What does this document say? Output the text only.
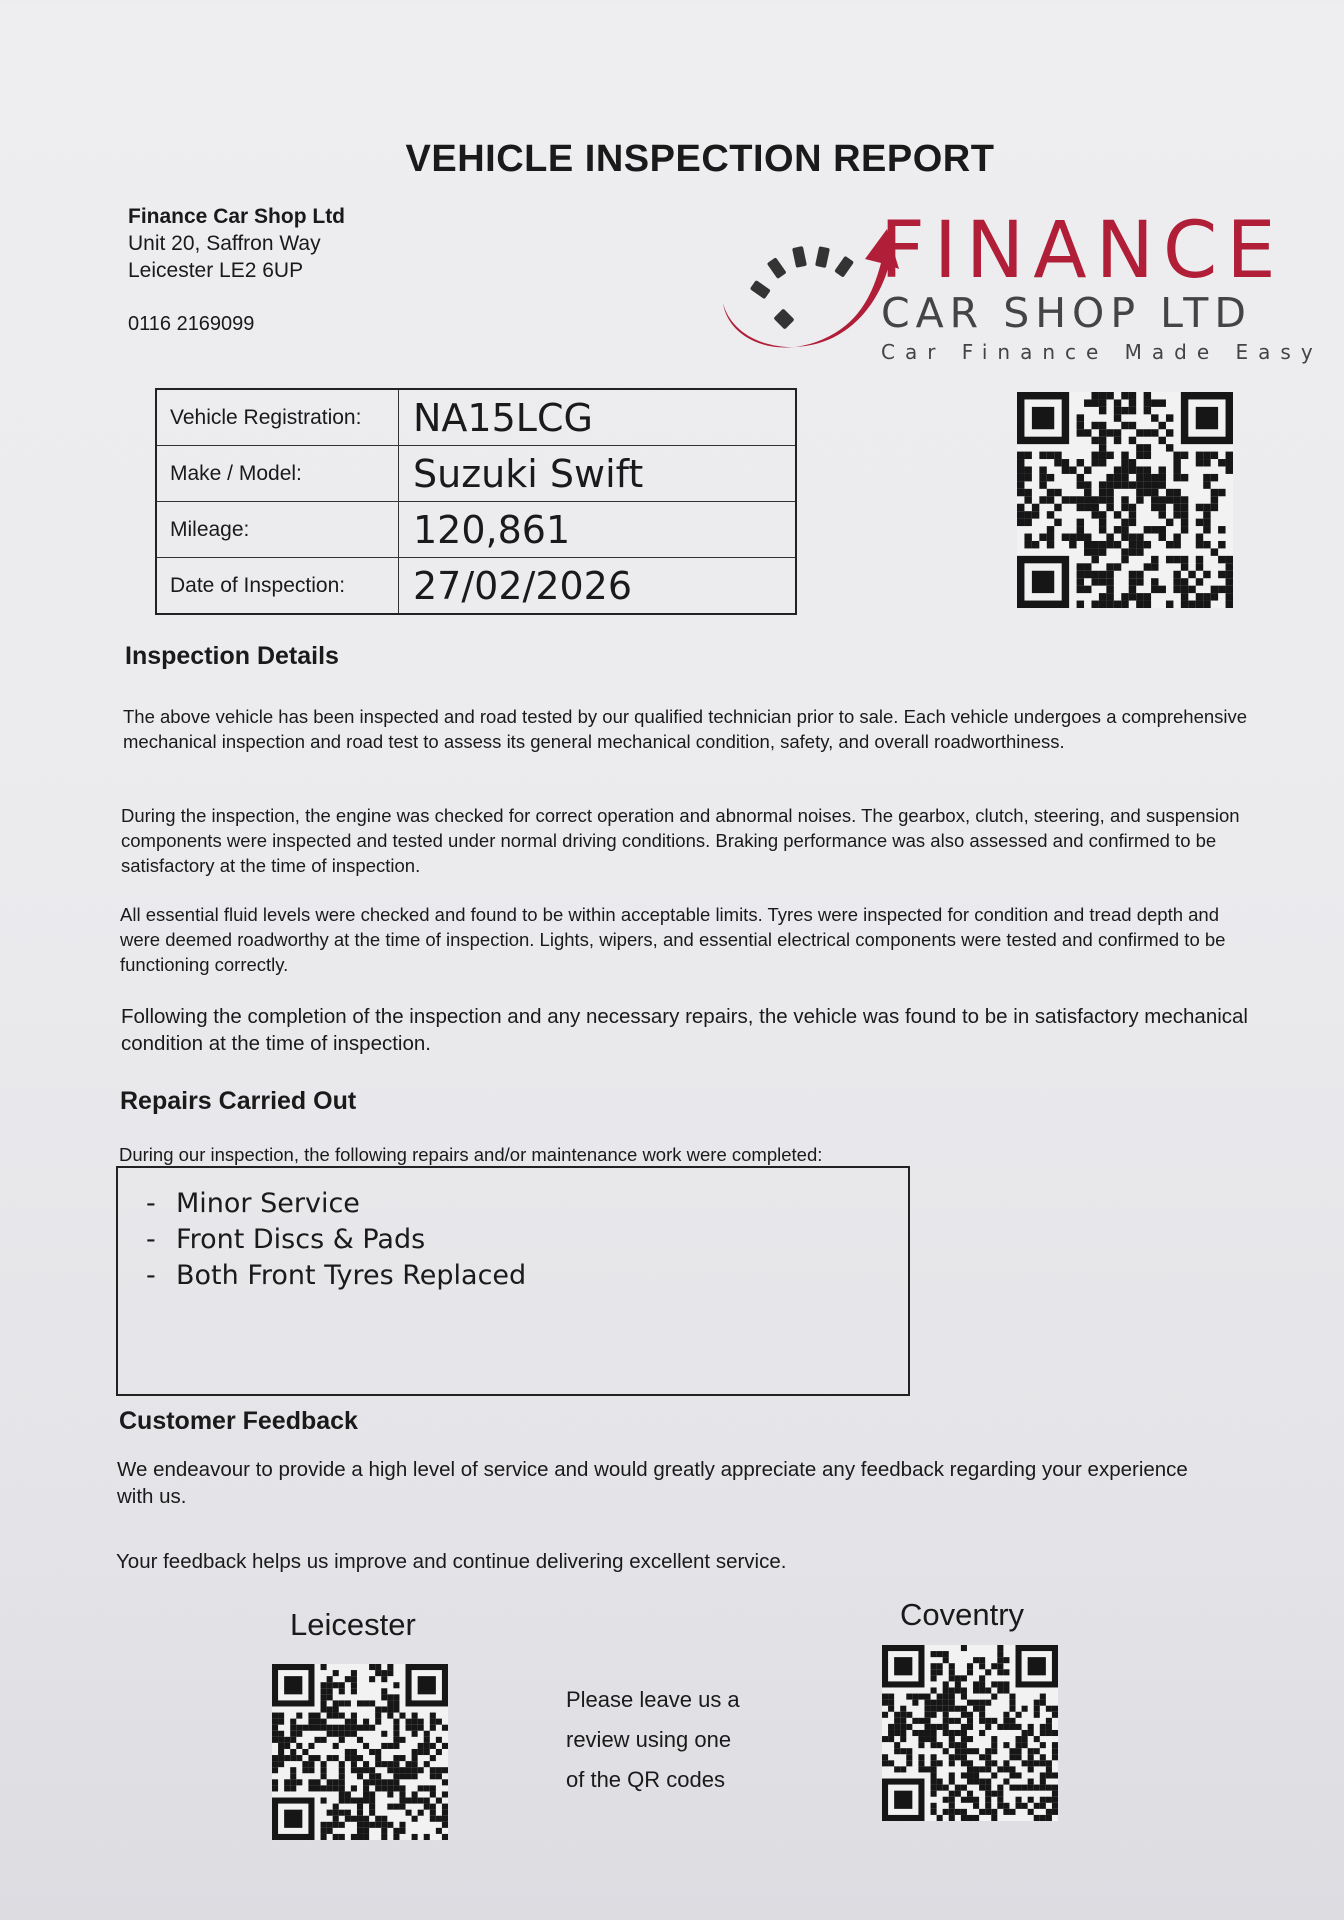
VEHICLE INSPECTION REPORT
Finance Car Shop Ltd
Unit 20, Saffron Way
Leicester LE2 6UP
0116 2169099
FINANCE
CAR SHOP LTD
Car Finance Made Easy
Vehicle Registration:	NA15LCG
Make / Model:	Suzuki Swift
Mileage:	120,861
Date of Inspection:	27/02/2026
Inspection Details
The above vehicle has been inspected and road tested by our qualified technician prior to sale. Each vehicle undergoes a comprehensive mechanical inspection and road test to assess its general mechanical condition, safety, and overall roadworthiness.
During the inspection, the engine was checked for correct operation and abnormal noises. The gearbox, clutch, steering, and suspension components were inspected and tested under normal driving conditions. Braking performance was also assessed and confirmed to be satisfactory at the time of inspection.
All essential fluid levels were checked and found to be within acceptable limits. Tyres were inspected for condition and tread depth and were deemed roadworthy at the time of inspection. Lights, wipers, and essential electrical components were tested and confirmed to be functioning correctly.
Following the completion of the inspection and any necessary repairs, the vehicle was found to be in satisfactory mechanical condition at the time of inspection.
Repairs Carried Out
During our inspection, the following repairs and/or maintenance work were completed:
- Minor Service
- Front Discs & Pads
- Both Front Tyres Replaced
Customer Feedback
We endeavour to provide a high level of service and would greatly appreciate any feedback regarding your experience with us.
Your feedback helps us improve and continue delivering excellent service.
Leicester	Coventry
Please leave us a
review using one
of the QR codes
